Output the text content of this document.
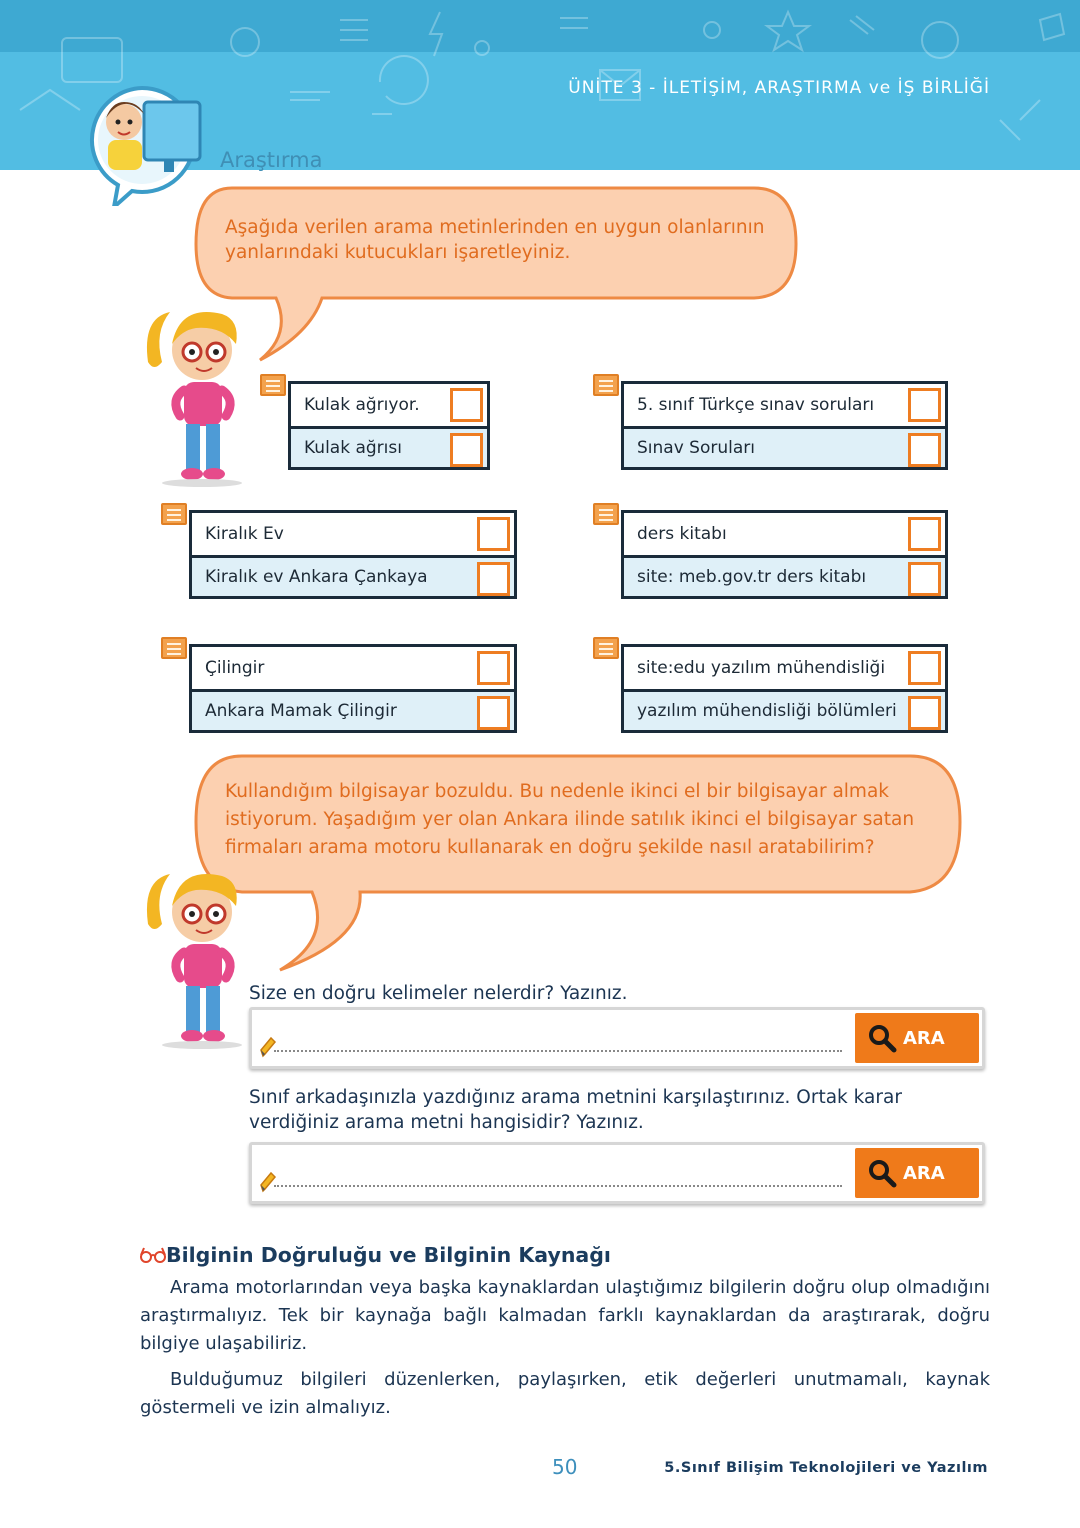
ÜNİTE 3 - İLETİŞİM, ARAŞTIRMA ve İŞ BİRLİĞİ
Araştırma
Aşağıda verilen arama metinlerinden en uygun olanlarının yanlarındaki kutucukları işaretleyiniz.
Kulak ağrıyor.
Kulak ağrısı
5. sınıf Türkçe sınav soruları
Sınav Soruları
Kiralık Ev
Kiralık ev Ankara Çankaya
ders kitabı
site: meb.gov.tr ders kitabı
Çilingir
Ankara Mamak Çilingir
site:edu yazılım mühendisliği
yazılım mühendisliği bölümleri
Kullandığım bilgisayar bozuldu. Bu nedenle ikinci el bir bilgisayar almak
istiyorum. Yaşadığım yer olan Ankara ilinde satılık ikinci el bilgisayar satan
firmaları arama motoru kullanarak en doğru şekilde nasıl aratabilirim?
Size en doğru kelimeler nelerdir? Yazınız.
ARA
Sınıf arkadaşınızla yazdığınız arama metnini karşılaştırınız. Ortak karar
verdiğiniz arama metni hangisidir? Yazınız.
ARA
Bilginin Doğruluğu ve Bilginin Kaynağı
Arama motorlarından veya başka kaynaklardan ulaştığımız bilgilerin doğru olup olmadığını araştırmalıyız. Tek bir kaynağa bağlı kalmadan farklı kaynaklardan da araştırarak, doğru bilgiye ulaşabiliriz.
Bulduğumuz bilgileri düzenlerken, paylaşırken, etik değerleri unutmamalı, kaynak göstermeli ve izin almalıyız.
50	5.Sınıf Bilişim Teknolojileri ve Yazılım
